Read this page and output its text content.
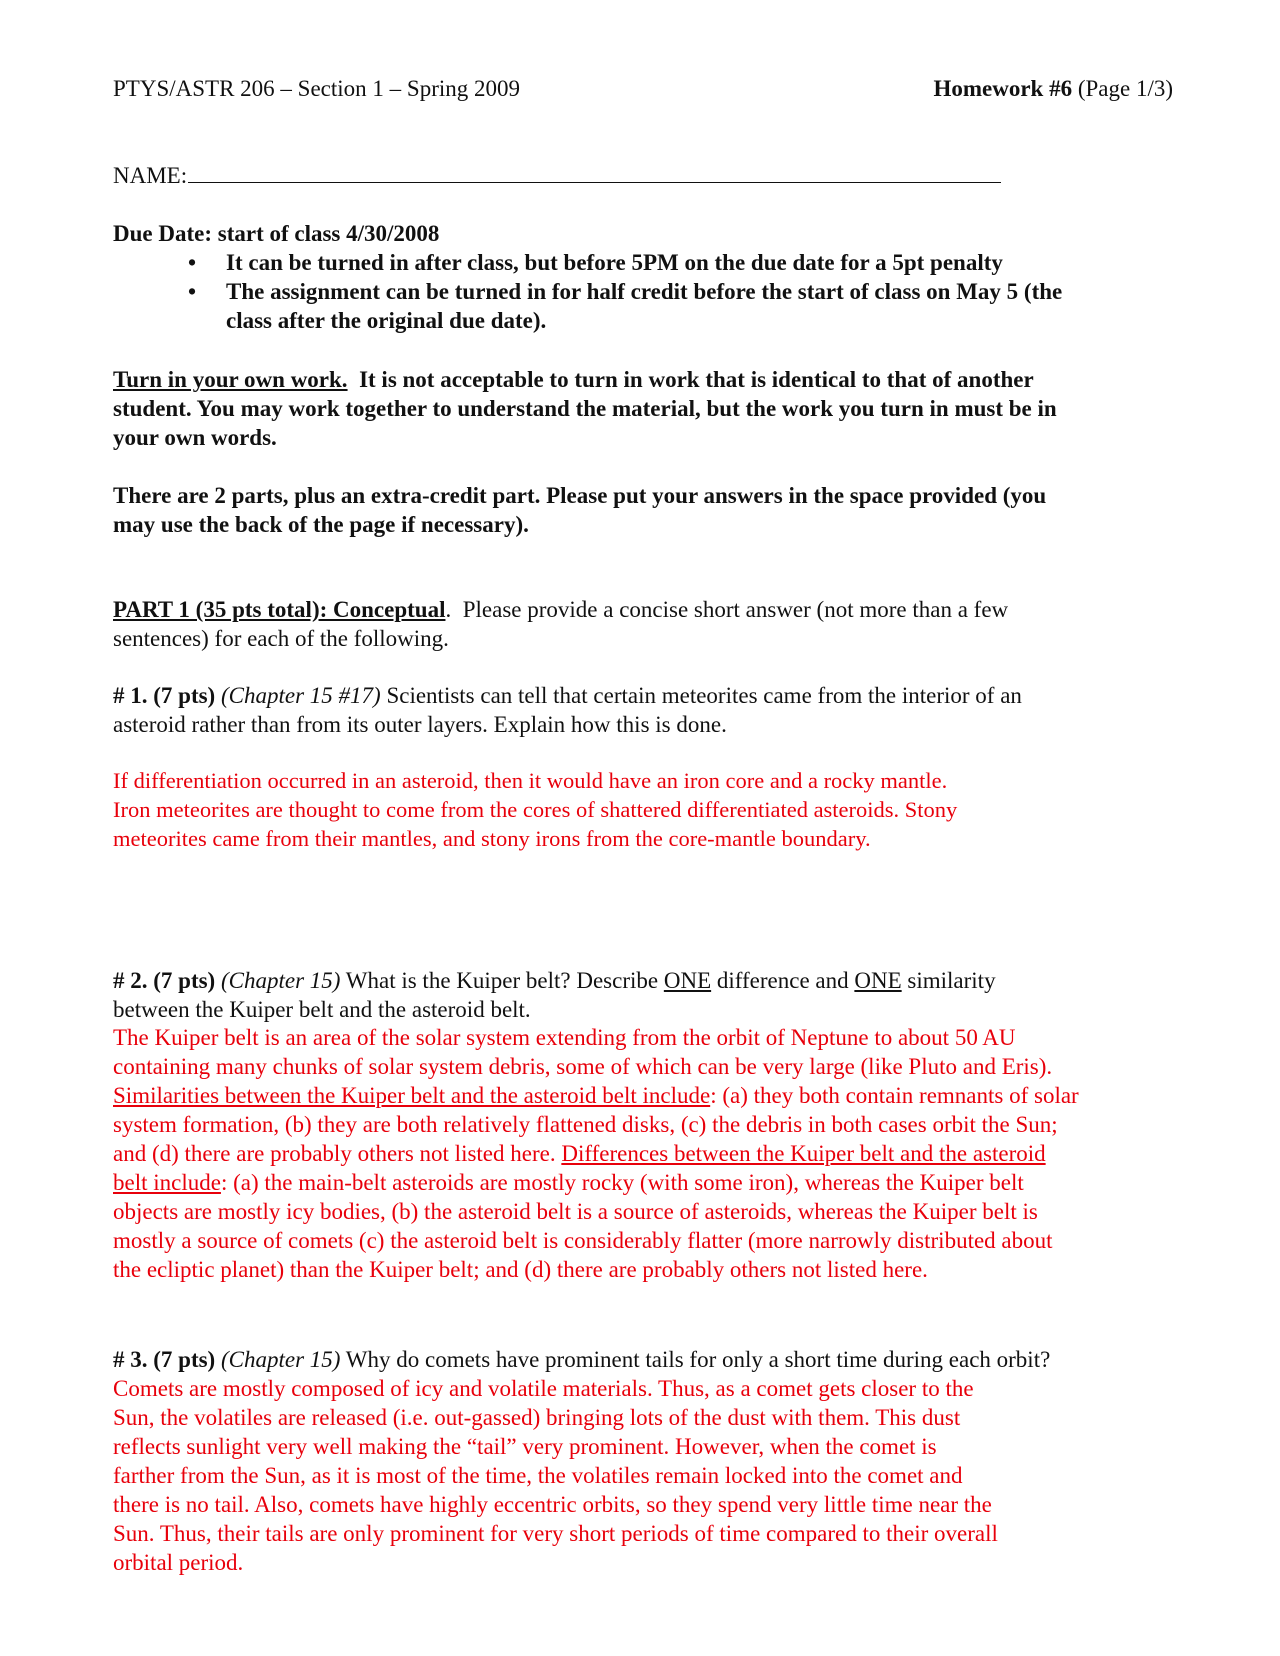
PTYS/ASTR 206 – Section 1 – Spring 2009	Homework #6 (Page 1/3)
NAME:
Due Date: start of class 4/30/2008
• It can be turned in after class, but before 5PM on the due date for a 5pt penalty
• The assignment can be turned in for half credit before the start of class on May 5 (the
class after the original due date).
Turn in your own work.  It is not acceptable to turn in work that is identical to that of another
student. You may work together to understand the material, but the work you turn in must be in
your own words.
There are 2 parts, plus an extra-credit part. Please put your answers in the space provided (you
may use the back of the page if necessary).
PART 1 (35 pts total): Conceptual.  Please provide a concise short answer (not more than a few
sentences) for each of the following.
# 1. (7 pts) (Chapter 15 #17) Scientists can tell that certain meteorites came from the interior of an
asteroid rather than from its outer layers. Explain how this is done.
If differentiation occurred in an asteroid, then it would have an iron core and a rocky mantle.
Iron meteorites are thought to come from the cores of shattered differentiated asteroids. Stony
meteorites came from their mantles, and stony irons from the core-mantle boundary.
# 2. (7 pts) (Chapter 15) What is the Kuiper belt? Describe ONE difference and ONE similarity
between the Kuiper belt and the asteroid belt.
The Kuiper belt is an area of the solar system extending from the orbit of Neptune to about 50 AU
containing many chunks of solar system debris, some of which can be very large (like Pluto and Eris).
Similarities between the Kuiper belt and the asteroid belt include: (a) they both contain remnants of solar
system formation, (b) they are both relatively flattened disks, (c) the debris in both cases orbit the Sun;
and (d) there are probably others not listed here. Differences between the Kuiper belt and the asteroid
belt include: (a) the main-belt asteroids are mostly rocky (with some iron), whereas the Kuiper belt
objects are mostly icy bodies, (b) the asteroid belt is a source of asteroids, whereas the Kuiper belt is
mostly a source of comets (c) the asteroid belt is considerably flatter (more narrowly distributed about
the ecliptic planet) than the Kuiper belt; and (d) there are probably others not listed here.
# 3. (7 pts) (Chapter 15) Why do comets have prominent tails for only a short time during each orbit?
Comets are mostly composed of icy and volatile materials. Thus, as a comet gets closer to the
Sun, the volatiles are released (i.e. out-gassed) bringing lots of the dust with them. This dust
reflects sunlight very well making the “tail” very prominent. However, when the comet is
farther from the Sun, as it is most of the time, the volatiles remain locked into the comet and
there is no tail. Also, comets have highly eccentric orbits, so they spend very little time near the
Sun. Thus, their tails are only prominent for very short periods of time compared to their overall
orbital period.
